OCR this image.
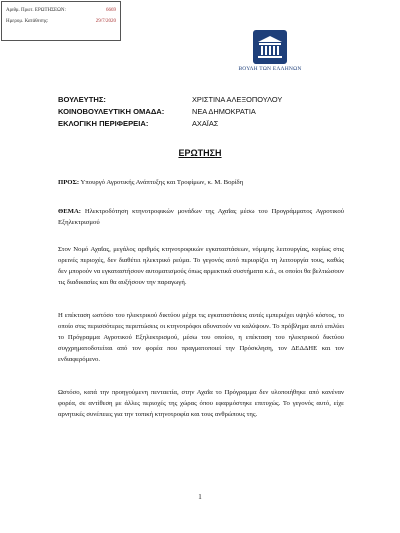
Αριθμ. Πρωτ. ΕΡΩΤΗΣΕΩΝ:	6669
Ημερομ. Κατάθεσης:	29/7/2020
ΒΟΥΛΗ ΤΩΝ ΕΛΛΗΝΩΝ
ΒΟΥΛΕΥΤΗΣ:	ΧΡΙΣΤΙΝΑ ΑΛΕΞΟΠΟΥΛΟΥ
ΚΟΙΝΟΒΟΥΛΕΥΤΙΚΗ ΟΜΑΔΑ:	ΝΕΑ ΔΗΜΟΚΡΑΤΙΑ
ΕΚΛΟΓΙΚΗ ΠΕΡΙΦΕΡΕΙΑ:	ΑΧΑΪΑΣ
ΕΡΩΤΗΣΗ
ΠΡΟΣ: Υπουργό Αγροτικής Ανάπτυξης και Τροφίμων, κ. Μ. Βορίδη
ΘΕΜΑ: Ηλεκτροδότηση κτηνοτροφικών μονάδων της Αχαΐας μέσω του Προγράμματος Αγροτικού Εξηλεκτρισμού
Στον Νομό Αχαΐας, μεγάλος αριθμός κτηνοτροφικών εγκαταστάσεων, νόμιμης λειτουργίας, κυρίως στις ορεινές περιοχές, δεν διαθέτει ηλεκτρικό ρεύμα. Το γεγονός αυτό περιορίζει τη λειτουργία τους, καθώς δεν μπορούν να εγκαταστήσουν αυτοματισμούς όπως αρμεκτικά συστήματα κ.ά., οι οποίοι θα βελτιώσουν τις διαδικασίες και θα αυξήσουν την παραγωγή.
Η επέκταση ωστόσο του ηλεκτρικού δικτύου μέχρι τις εγκαταστάσεις αυτές εμπεριέχει υψηλό κόστος, το οποίο στις περισσότερες περιπτώσεις οι κτηνοτρόφοι αδυνατούν να καλύψουν. Το πρόβλημα αυτό επιλύει το Πρόγραμμα Αγροτικού Εξηλεκτρισμού, μέσω του οποίου, η επέκταση του ηλεκτρικού δικτύου συγχρηματοδοτείται από τον φορέα που πραγματοποιεί την Πρόσκληση, τον ΔΕΔΔΗΕ και τον ενδιαφερόμενο.
Ωστόσο, κατά την προηγούμενη πενταετία, στην Αχαΐα το Πρόγραμμα δεν υλοποιήθηκε από κανέναν φορέα, σε αντίθεση με άλλες περιοχές της χώρας όπου εφαρμόστηκε επιτυχώς. Το γεγονός αυτό, είχε αρνητικές συνέπειες για την τοπική κτηνοτροφία και τους ανθρώπους της.
1
